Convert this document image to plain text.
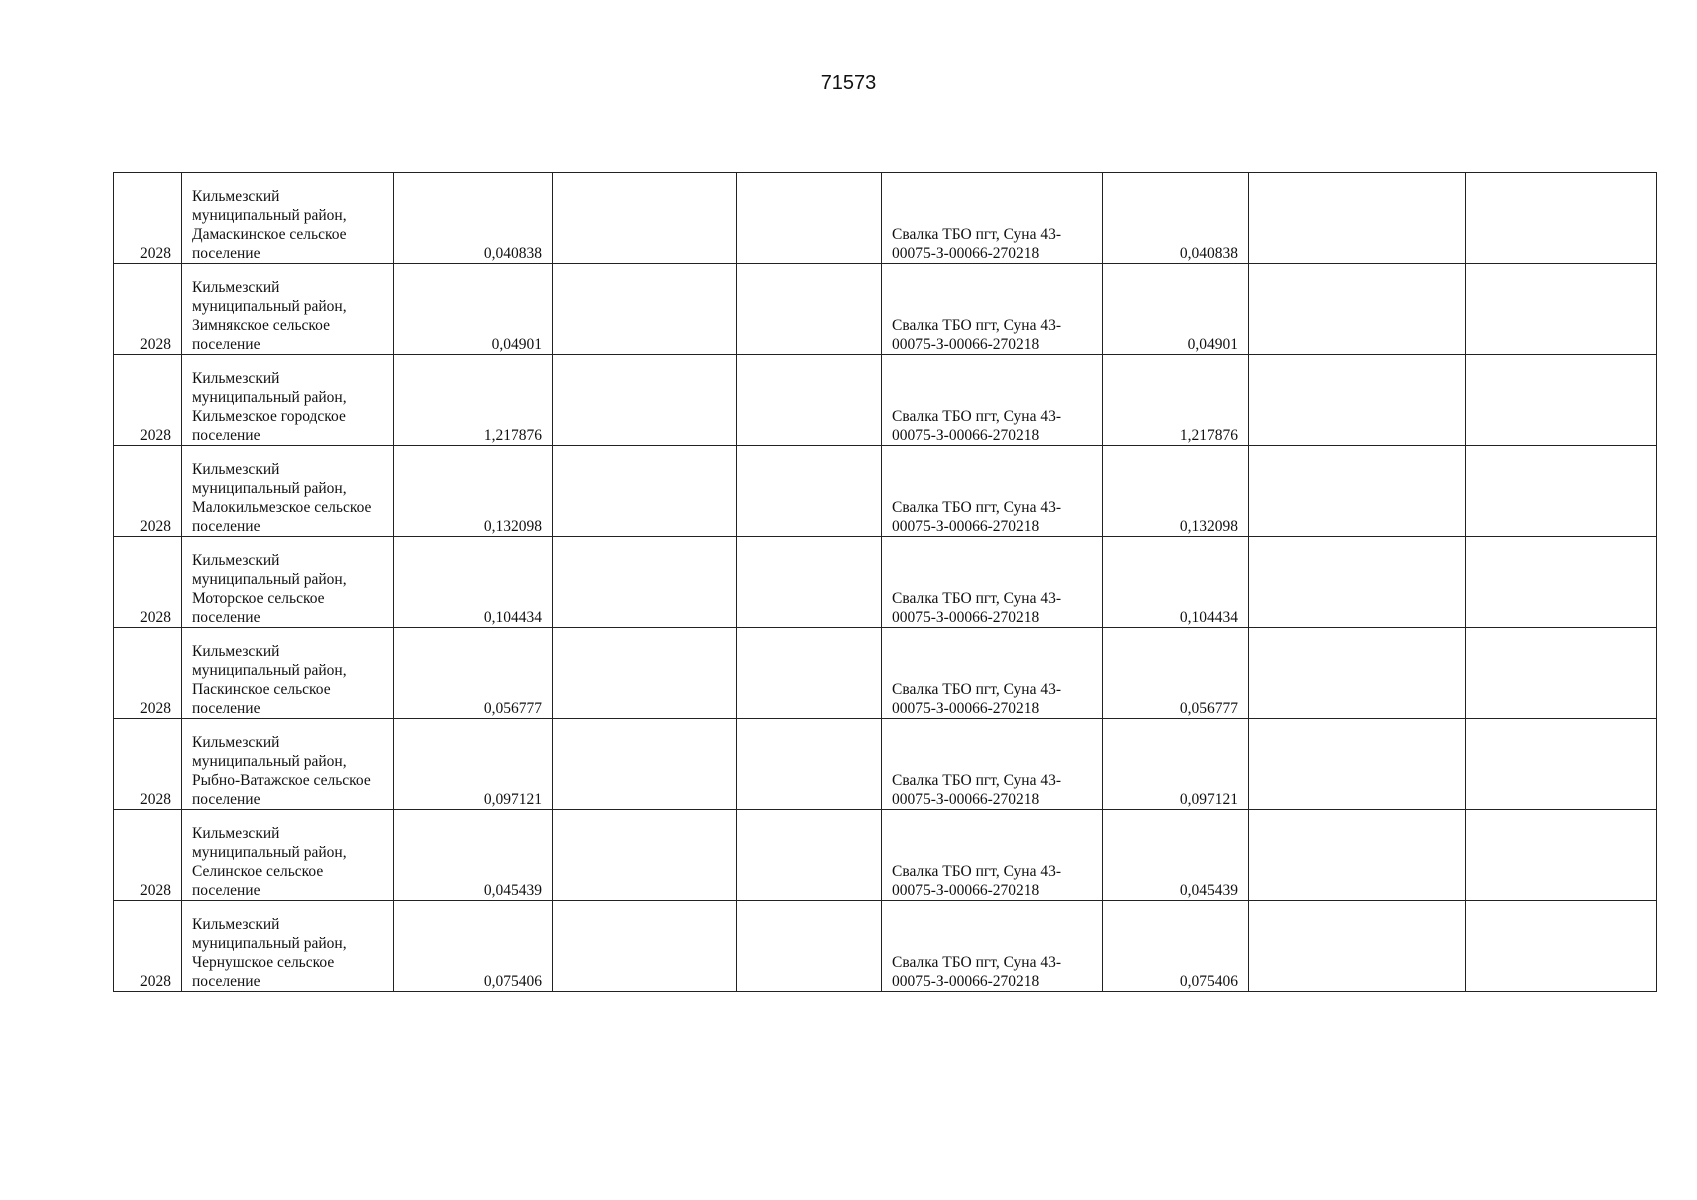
71573
2028	Кильмезский
муниципальный район,
Дамаскинское сельское
поселение	0,040838			Свалка ТБО пгт, Суна 43-
00075-З-00066-270218	0,040838		
2028	Кильмезский
муниципальный район,
Зимнякское сельское
поселение	0,04901			Свалка ТБО пгт, Суна 43-
00075-З-00066-270218	0,04901		
2028	Кильмезский
муниципальный район,
Кильмезское городское
поселение	1,217876			Свалка ТБО пгт, Суна 43-
00075-З-00066-270218	1,217876		
2028	Кильмезский
муниципальный район,
Малокильмезское сельское
поселение	0,132098			Свалка ТБО пгт, Суна 43-
00075-З-00066-270218	0,132098		
2028	Кильмезский
муниципальный район,
Моторское сельское
поселение	0,104434			Свалка ТБО пгт, Суна 43-
00075-З-00066-270218	0,104434		
2028	Кильмезский
муниципальный район,
Паскинское сельское
поселение	0,056777			Свалка ТБО пгт, Суна 43-
00075-З-00066-270218	0,056777		
2028	Кильмезский
муниципальный район,
Рыбно-Ватажское сельское
поселение	0,097121			Свалка ТБО пгт, Суна 43-
00075-З-00066-270218	0,097121		
2028	Кильмезский
муниципальный район,
Селинское сельское
поселение	0,045439			Свалка ТБО пгт, Суна 43-
00075-З-00066-270218	0,045439		
2028	Кильмезский
муниципальный район,
Чернушское сельское
поселение	0,075406			Свалка ТБО пгт, Суна 43-
00075-З-00066-270218	0,075406		
